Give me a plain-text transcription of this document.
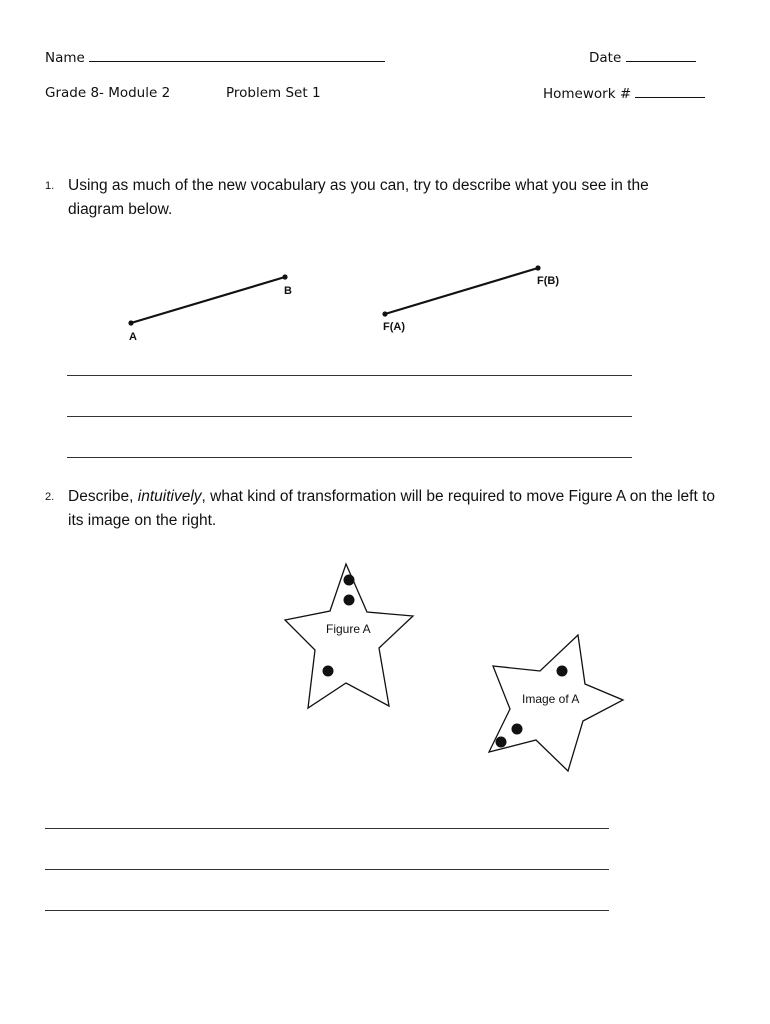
Name	Date
Grade 8- Module 2	Problem Set 1	Homework #
1. Using as much of the new vocabulary as you can, try to describe what you see in the diagram below.
A
B
F(A)
F(B)
2. Describe, intuitively, what kind of transformation will be required to move Figure A on the left to its image on the right.
Figure A
Image of A
